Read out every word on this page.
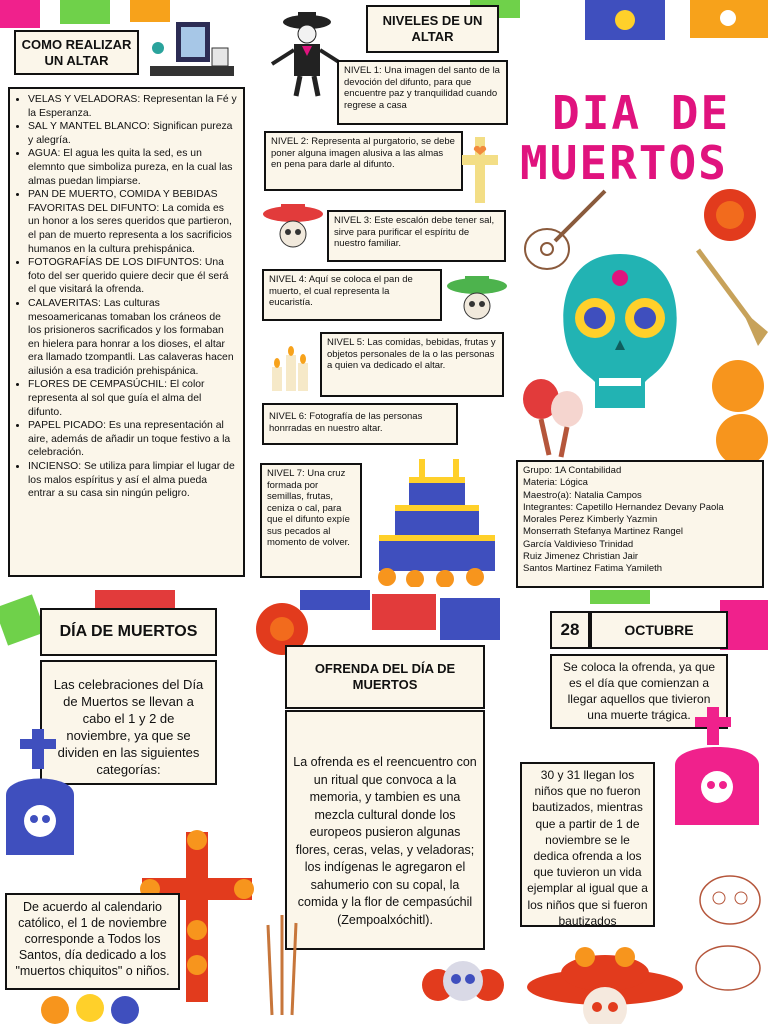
COMO REALIZAR UN ALTAR
• VELAS Y VELADORAS: Representan la Fé y la Esperanza.
• SAL Y MANTEL BLANCO: Significan pureza y alegría.
• AGUA: El agua les quita la sed, es un elemnto que simboliza pureza, en la cual las almas puedan limpiarse.
• PAN DE MUERTO, COMIDA Y BEBIDAS FAVORITAS DEL DIFUNTO: La comida es un honor a los seres queridos que partieron, el pan de muerto representa a los sacrificios humanos en la cultura prehispánica.
• FOTOGRAFÍAS DE LOS DIFUNTOS: Una foto del ser querido quiere decir que él será el que visitará la ofrenda.
• CALAVERITAS: Las culturas mesoamericanas tomaban los cráneos de los prisioneros sacrificados y los formaban en hielera para honrar a los dioses, el altar era llamado tzompantli. Las calaveras hacen ailusión a esa tradición prehispánica.
• FLORES DE CEMPASÚCHIL: El color representa al sol que guía el alma del difunto.
• PAPEL PICADO: Es una representación al aire, además de añadir un toque festivo a la celebración.
• INCIENSO: Se utiliza para limpiar el lugar de los malos espíritus y así el alma pueda entrar a su casa sin ningún peligro.
NIVELES DE UN ALTAR
NIVEL 1: Una imagen del santo de la devoción del difunto, para que encuentre paz y tranquilidad cuando regrese a casa
NIVEL 2: Representa al purgatorio, se debe poner alguna imagen alusiva a las almas en pena para darle al difunto.
NIVEL 3: Este escalón debe tener sal, sirve para purificar el espíritu de nuestro familiar.
NIVEL 4: Aquí se coloca el pan de muerto, el cual representa la eucaristía.
NIVEL 5: Las comidas, bebidas, frutas y objetos personales de la o las personas a quien va dedicado el altar.
NIVEL 6: Fotografía de las personas honrradas en nuestro altar.
NIVEL 7: Una cruz formada por semillas, frutas, ceniza o cal, para que el difunto expíe sus pecados al momento de volver.
DIA DE
MUERTOS
Grupo: 1A Contabilidad
Materia: Lógica
Maestro(a): Natalia Campos
Integrantes: Capetillo Hernandez Devany Paola
Morales Perez Kimberly Yazmin
Monserrath Stefanya Martinez Rangel
García Valdivieso Trinidad
Ruiz Jimenez Christian Jair
Santos Martinez Fatima Yamileth
DÍA DE MUERTOS
Las celebraciones del Día de Muertos se llevan a cabo el 1 y 2 de noviembre, ya que se dividen en las siguientes categorías:
De acuerdo al calendario católico, el 1 de noviembre corresponde a Todos los Santos, día dedicado a los "muertos chiquitos" o niños.
OFRENDA DEL DÍA DE MUERTOS
La ofrenda es el reencuentro con un ritual que convoca a la memoria, y tambien es una mezcla cultural donde los europeos pusieron algunas flores, ceras, velas, y veladoras; los indígenas le agregaron el sahumerio con su copal, la comida y la flor de cempasúchil (Zempoalxóchitl).
28	OCTUBRE
Se coloca la ofrenda, ya que es el día que comienzan a llegar aquellos que tivieron una muerte trágica.
30 y 31 llegan los niños que no fueron bautizados, mientras que a partir de 1 de noviembre se le dedica ofrenda a los que tuvieron un vida ejemplar al igual que a los niños que si fueron bautizados
